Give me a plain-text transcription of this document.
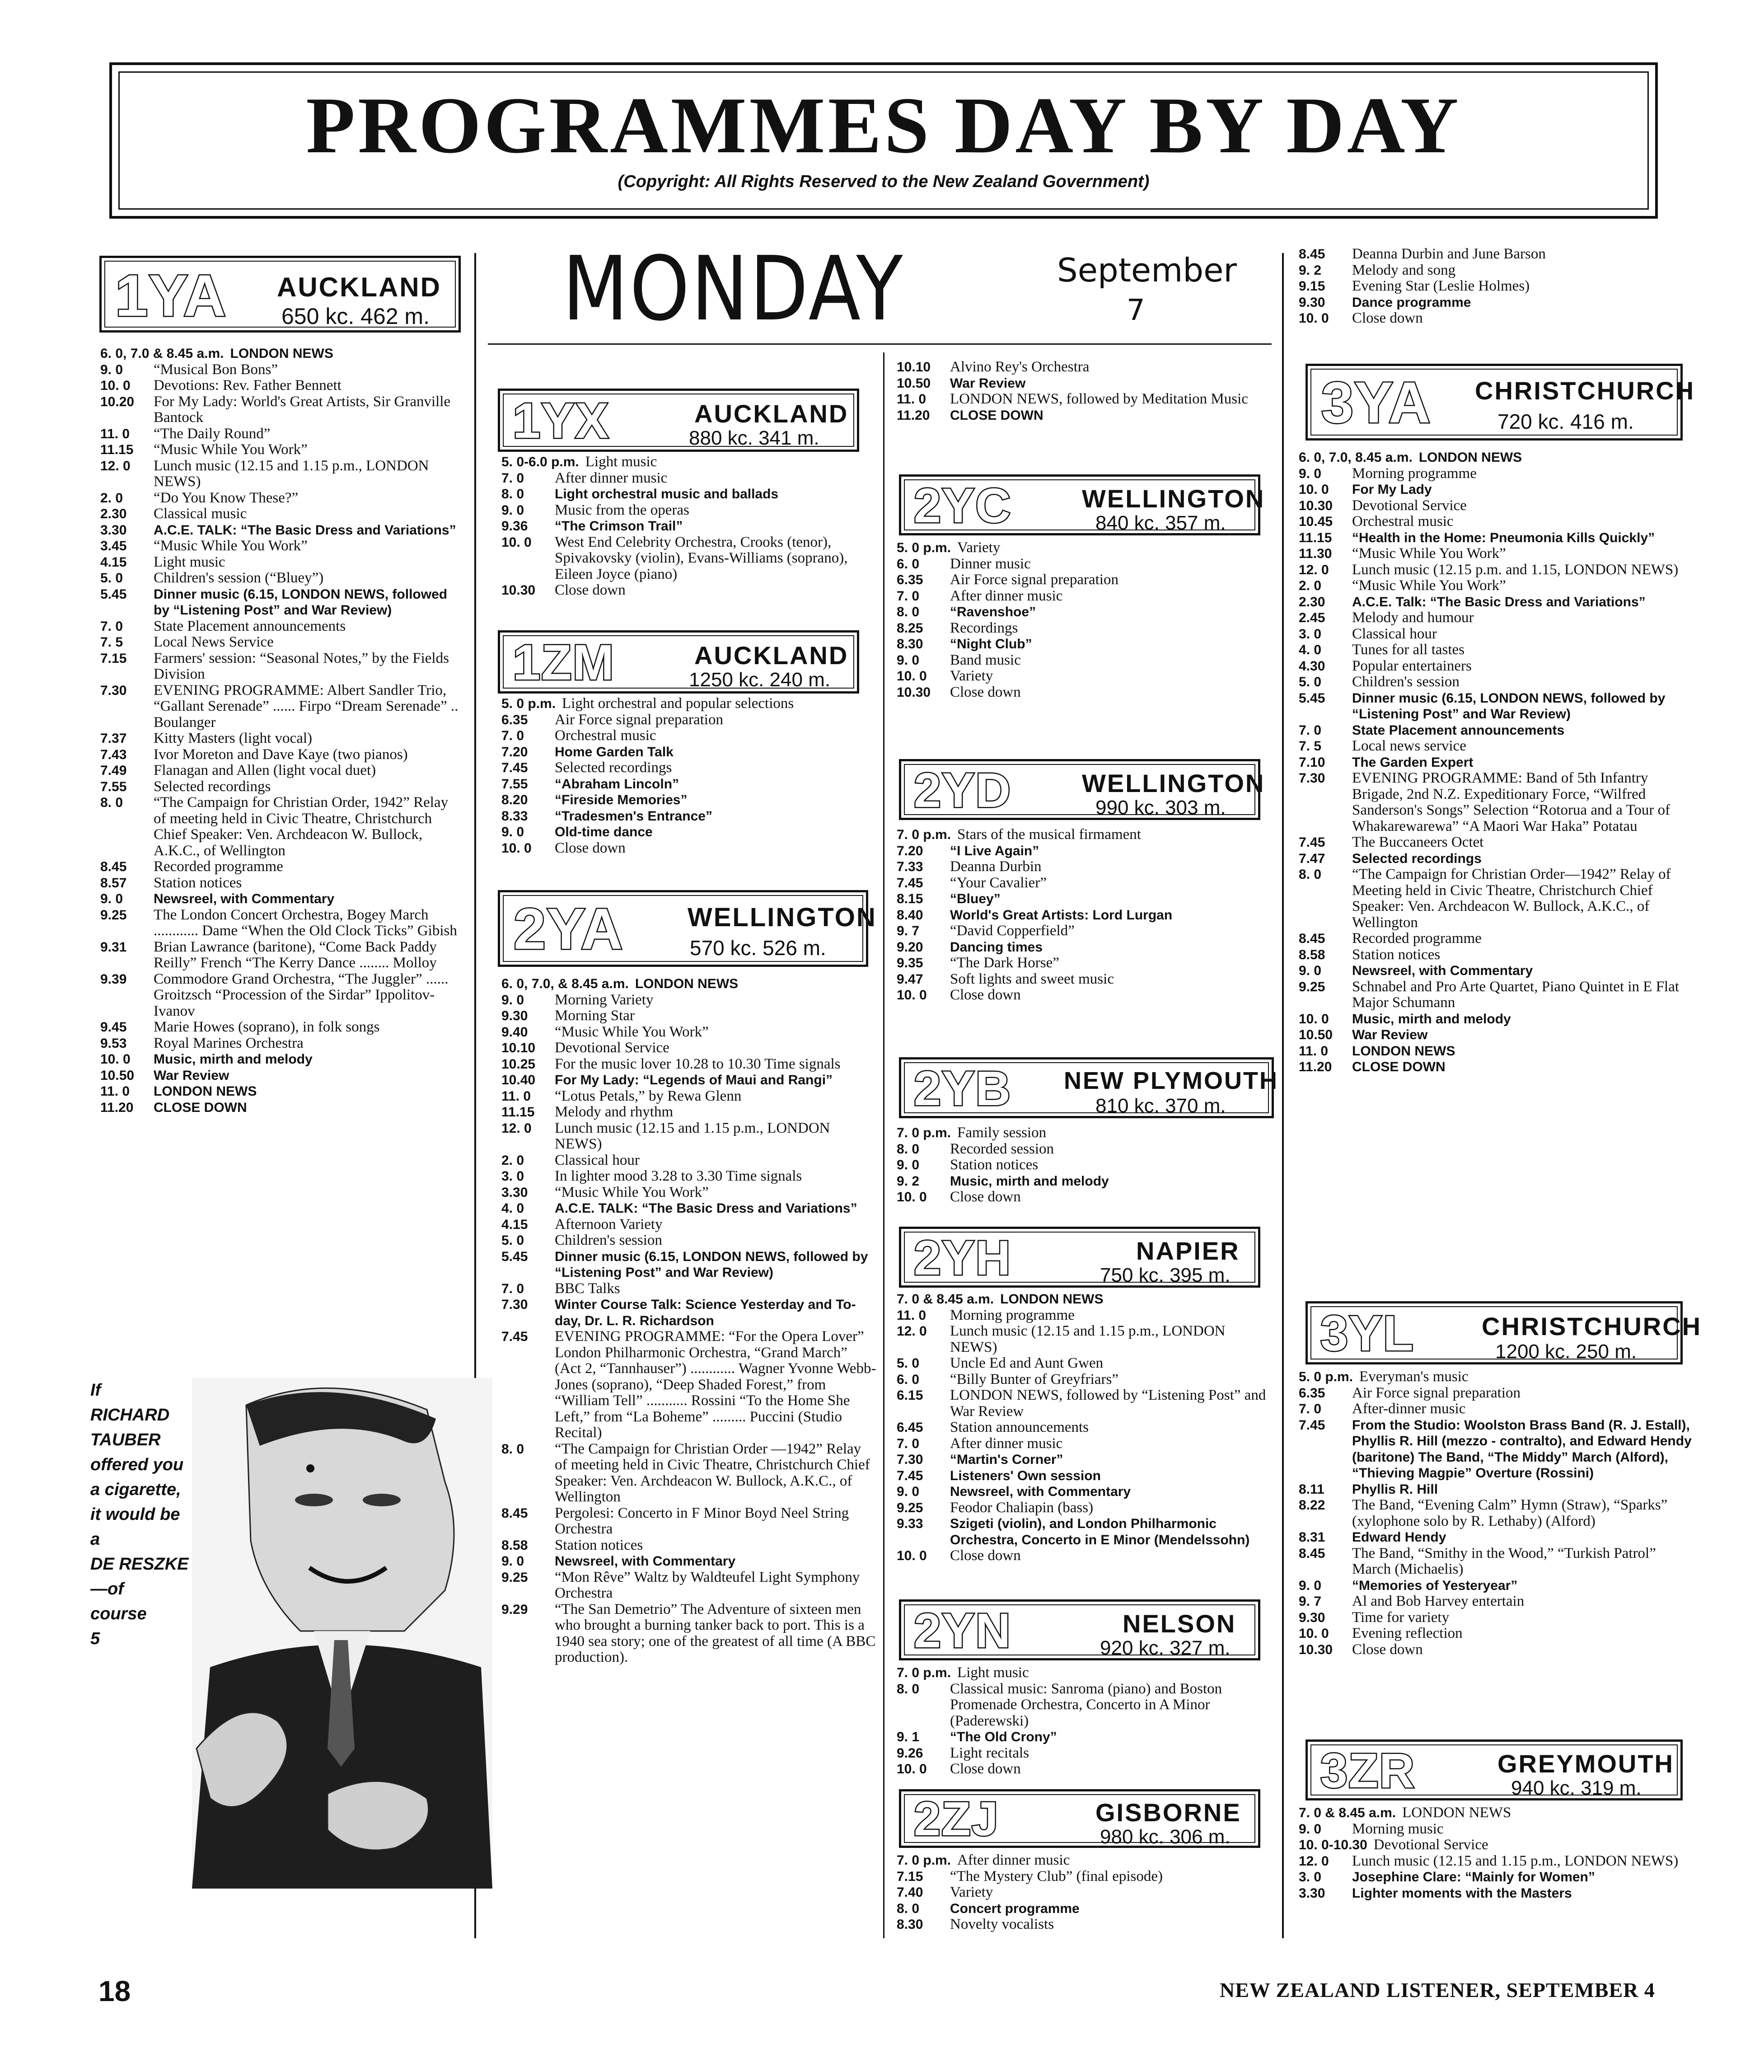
PROGRAMMES DAY BY DAY
(Copyright: All Rights Reserved to the New Zealand Government)
MONDAY	September
7
1YA AUCKLAND
650 kc. 462 m.
6. 0, 7.0 & 8.45 a.m. LONDON NEWS
9. 0	“Musical Bon Bons”
10. 0	Devotions: Rev. Father Bennett
10.20	For My Lady: World's Great Artists, Sir Granville Bantock
11. 0	“The Daily Round”
11.15	“Music While You Work”
12. 0	Lunch music (12.15 and 1.15 p.m., LONDON NEWS)
2. 0	“Do You Know These?”
2.30	Classical music
3.30	A.C.E. TALK: “The Basic Dress and Variations”
3.45	“Music While You Work”
4.15	Light music
5. 0	Children's session (“Bluey”)
5.45	Dinner music (6.15, LONDON NEWS, followed by “Listening Post” and War Review)
7. 0	State Placement announcements
7. 5	Local News Service
7.15	Farmers' session: “Seasonal Notes,” by the Fields Division
7.30	EVENING PROGRAMME: Albert Sandler Trio, “Gallant Serenade” ...... Firpo “Dream Serenade” .. Boulanger
7.37	Kitty Masters (light vocal)
7.43	Ivor Moreton and Dave Kaye (two pianos)
7.49	Flanagan and Allen (light vocal duet)
7.55	Selected recordings
8. 0	“The Campaign for Christian Order, 1942” Relay of meeting held in Civic Theatre, Christchurch Chief Speaker: Ven. Archdeacon W. Bullock, A.K.C., of Wellington
8.45	Recorded programme
8.57	Station notices
9. 0	Newsreel, with Commentary
9.25	The London Concert Orchestra, Bogey March ............ Dame “When the Old Clock Ticks” Gibish
9.31	Brian Lawrance (baritone), “Come Back Paddy Reilly” French “The Kerry Dance ........ Molloy
9.39	Commodore Grand Orchestra, “The Juggler” ...... Groitzsch “Procession of the Sirdar” Ippolitov-Ivanov
9.45	Marie Howes (soprano), in folk songs
9.53	Royal Marines Orchestra
10. 0	Music, mirth and melody
10.50	War Review
11. 0	LONDON NEWS
11.20	CLOSE DOWN
1YX	AUCKLAND
880 kc. 341 m.
5. 0-6.0 p.m. Light music
7. 0	After dinner music
8. 0	Light orchestral music and ballads
9. 0	Music from the operas
9.36	“The Crimson Trail”
10. 0	West End Celebrity Orchestra, Crooks (tenor), Spivakovsky (violin), Evans-Williams (soprano), Eileen Joyce (piano)
10.30	Close down
1ZM	AUCKLAND
1250 kc. 240 m.
5. 0 p.m. Light orchestral and popular selections
6.35	Air Force signal preparation
7. 0	Orchestral music
7.20	Home Garden Talk
7.45	Selected recordings
7.55	“Abraham Lincoln”
8.20	“Fireside Memories”
8.33	“Tradesmen's Entrance”
9. 0	Old-time dance
10. 0	Close down
2YA WELLINGTON
570 kc. 526 m.
6. 0, 7.0, & 8.45 a.m. LONDON NEWS
9. 0	Morning Variety
9.30	Morning Star
9.40	“Music While You Work”
10.10	Devotional Service
10.25	For the music lover 10.28 to 10.30 Time signals
10.40	For My Lady: “Legends of Maui and Rangi”
11. 0	“Lotus Petals,” by Rewa Glenn
11.15	Melody and rhythm
12. 0	Lunch music (12.15 and 1.15 p.m., LONDON NEWS)
2. 0	Classical hour
3. 0	In lighter mood 3.28 to 3.30 Time signals
3.30	“Music While You Work”
4. 0	A.C.E. TALK: “The Basic Dress and Variations”
4.15	Afternoon Variety
5. 0	Children's session
5.45	Dinner music (6.15, LONDON NEWS, followed by “Listening Post” and War Review)
7. 0	BBC Talks
7.30	Winter Course Talk: Science Yesterday and To-day, Dr. L. R. Richardson
7.45	EVENING PROGRAMME: “For the Opera Lover” London Philharmonic Orchestra, “Grand March” (Act 2, “Tannhauser”) ............ Wagner Yvonne Webb-Jones (soprano), “Deep Shaded Forest,” from “William Tell” ........... Rossini “To the Home She Left,” from “La Boheme” ......... Puccini (Studio Recital)
8. 0	“The Campaign for Christian Order —1942” Relay of meeting held in Civic Theatre, Christchurch Chief Speaker: Ven. Archdeacon W. Bullock, A.K.C., of Wellington
8.45	Pergolesi: Concerto in F Minor Boyd Neel String Orchestra
8.58	Station notices
9. 0	Newsreel, with Commentary
9.25	“Mon Rêve” Waltz by Waldteufel Light Symphony Orchestra
9.29	“The San Demetrio” The Adventure of sixteen men who brought a burning tanker back to port. This is a 1940 sea story; one of the greatest of all time (A BBC production).
10.10	Alvino Rey's Orchestra
10.50	War Review
11. 0	LONDON NEWS, followed by Meditation Music
11.20	CLOSE DOWN
2YC	WELLINGTON
840 kc. 357 m.
5. 0 p.m. Variety
6. 0	Dinner music
6.35	Air Force signal preparation
7. 0	After dinner music
8. 0	“Ravenshoe”
8.25	Recordings
8.30	“Night Club”
9. 0	Band music
10. 0	Variety
10.30	Close down
2YD	WELLINGTON
990 kc. 303 m.
7. 0 p.m. Stars of the musical firmament
7.20	“I Live Again”
7.33	Deanna Durbin
7.45	“Your Cavalier”
8.15	“Bluey”
8.40	World's Great Artists: Lord Lurgan
9. 7	“David Copperfield”
9.20	Dancing times
9.35	“The Dark Horse”
9.47	Soft lights and sweet music
10. 0	Close down
2YB NEW PLYMOUTH
810 kc. 370 m.
7. 0 p.m. Family session
8. 0	Recorded session
9. 0	Station notices
9. 2	Music, mirth and melody
10. 0	Close down
2YH	NAPIER
750 kc. 395 m.
7. 0 & 8.45 a.m. LONDON NEWS
11. 0	Morning programme
12. 0	Lunch music (12.15 and 1.15 p.m., LONDON NEWS)
5. 0	Uncle Ed and Aunt Gwen
6. 0	“Billy Bunter of Greyfriars”
6.15	LONDON NEWS, followed by “Listening Post” and War Review
6.45	Station announcements
7. 0	After dinner music
7.30	“Martin's Corner”
7.45	Listeners' Own session
9. 0	Newsreel, with Commentary
9.25	Feodor Chaliapin (bass)
9.33	Szigeti (violin), and London Philharmonic Orchestra, Concerto in E Minor (Mendelssohn)
10. 0	Close down
2YN	NELSON
920 kc. 327 m.
7. 0 p.m. Light music
8. 0	Classical music: Sanroma (piano) and Boston Promenade Orchestra, Concerto in A Minor (Paderewski)
9. 1	“The Old Crony”
9.26	Light recitals
10. 0	Close down
2ZJ	GISBORNE
980 kc. 306 m.
7. 0 p.m. After dinner music
7.15	“The Mystery Club” (final episode)
7.40	Variety
8. 0	Concert programme
8.30	Novelty vocalists
8.45	Deanna Durbin and June Barson
9. 2	Melody and song
9.15	Evening Star (Leslie Holmes)
9.30	Dance programme
10. 0	Close down
3YA CHRISTCHURCH
720 kc. 416 m.
6. 0, 7.0, 8.45 a.m. LONDON NEWS
9. 0	Morning programme
10. 0	For My Lady
10.30	Devotional Service
10.45	Orchestral music
11.15	“Health in the Home: Pneumonia Kills Quickly”
11.30	“Music While You Work”
12. 0	Lunch music (12.15 p.m. and 1.15, LONDON NEWS)
2. 0	“Music While You Work”
2.30	A.C.E. Talk: “The Basic Dress and Variations”
2.45	Melody and humour
3. 0	Classical hour
4. 0	Tunes for all tastes
4.30	Popular entertainers
5. 0	Children's session
5.45	Dinner music (6.15, LONDON NEWS, followed by “Listening Post” and War Review)
7. 0	State Placement announcements
7. 5	Local news service
7.10	The Garden Expert
7.30	EVENING PROGRAMME: Band of 5th Infantry Brigade, 2nd N.Z. Expeditionary Force, “Wilfred Sanderson's Songs” Selection “Rotorua and a Tour of Whakarewarewa” “A Maori War Haka” Potatau
7.45	The Buccaneers Octet
7.47	Selected recordings
8. 0	“The Campaign for Christian Order—1942” Relay of Meeting held in Civic Theatre, Christchurch Chief Speaker: Ven. Archdeacon W. Bullock, A.K.C., of Wellington
8.45	Recorded programme
8.58	Station notices
9. 0	Newsreel, with Commentary
9.25	Schnabel and Pro Arte Quartet, Piano Quintet in E Flat Major Schumann
10. 0	Music, mirth and melody
10.50	War Review
11. 0	LONDON NEWS
11.20	CLOSE DOWN
3YL	CHRISTCHURCH
1200 kc. 250 m.
5. 0 p.m. Everyman's music
6.35	Air Force signal preparation
7. 0	After-dinner music
7.45	From the Studio: Woolston Brass Band (R. J. Estall), Phyllis R. Hill (mezzo - contralto), and Edward Hendy (baritone) The Band, “The Middy” March (Alford), “Thieving Magpie” Overture (Rossini)
8.11	Phyllis R. Hill
8.22	The Band, “Evening Calm” Hymn (Straw), “Sparks” (xylophone solo by R. Lethaby) (Alford)
8.31	Edward Hendy
8.45	The Band, “Smithy in the Wood,” “Turkish Patrol” March (Michaelis)
9. 0	“Memories of Yesteryear”
9. 7	Al and Bob Harvey entertain
9.30	Time for variety
10. 0	Evening reflection
10.30	Close down
3ZR	GREYMOUTH
940 kc. 319 m.
7. 0 & 8.45 a.m. LONDON NEWS
9. 0	Morning music
10. 0-10.30 Devotional Service
12. 0	Lunch music (12.15 and 1.15 p.m., LONDON NEWS)
3. 0	Josephine Clare: “Mainly for Women”
3.30	Lighter moments with the Masters
If
RICHARD
TAUBER
offered you
a cigarette,
it would be
a
DE RESZKE
—of
course
5
18	NEW ZEALAND LISTENER, SEPTEMBER 4
